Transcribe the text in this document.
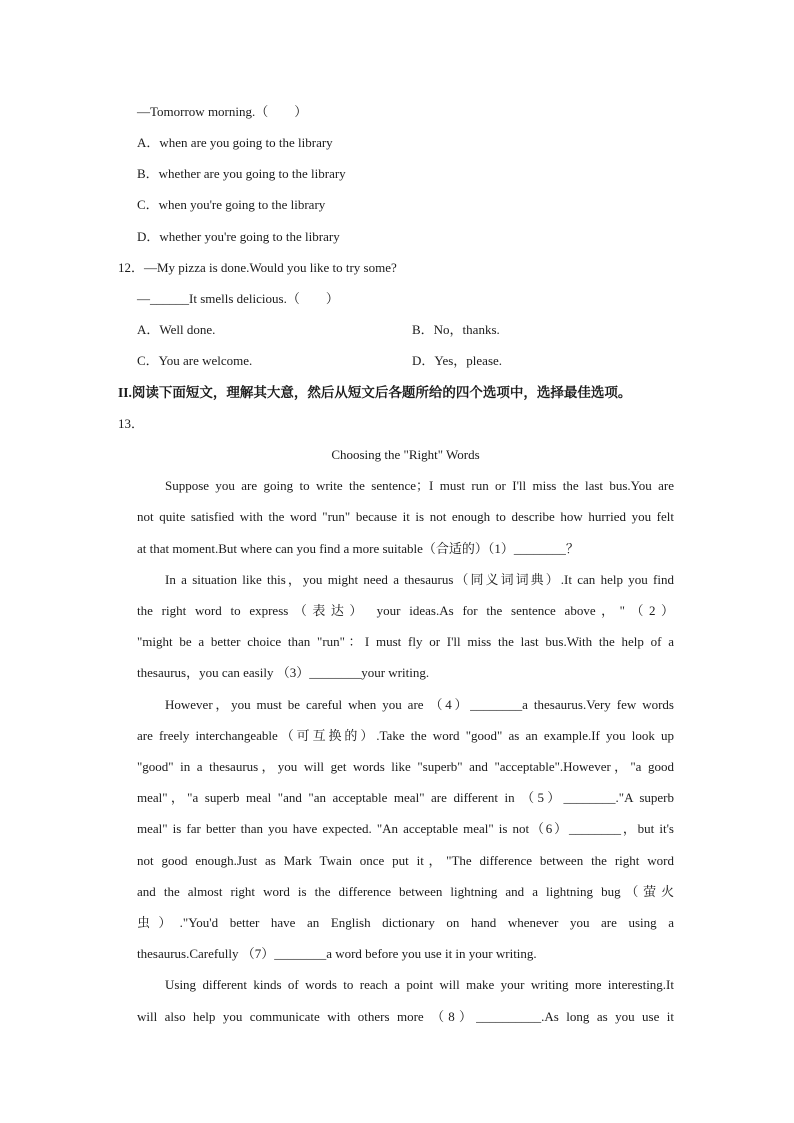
—Tomorrow morning.（　　）
A．when are you going to the library
B．whether are you going to the library
C．when you're going to the library
D．whether you're going to the library
12．—My pizza is done.Would you like to try some?
—______It smells delicious.（　　）
A．Well done.	B．No，thanks.
C．You are welcome.	D．Yes，please.
II.阅读下面短文，理解其大意，然后从短文后各题所给的四个选项中，选择最佳选项。
13．
Choosing the "Right" Words
Suppose you are going to write the sentence；I must run or I'll miss the last bus.You are
not quite satisfied with the word "run" because it is not enough to describe how hurried you felt
at that moment.But where can you find a more suitable（合适的）（1）________？
In a situation like this，you might need a thesaurus（同义词词典）.It can help you find
the right word to express（表达） your ideas.As for the sentence above，"（2）
"might be a better choice than "run"：I must fly or I'll miss the last bus.With the help of a
thesaurus，you can easily （3）________your writing.
However，you must be careful when you are （4）________a thesaurus.Very few words
are freely interchangeable（可互换的）.Take the word "good" as an example.If you look up
"good" in a thesaurus，you will get words like "superb" and "acceptable".However，"a good
meal"，"a superb meal "and "an acceptable meal" are different in （5）________."A superb
meal" is far better than you have expected. "An acceptable meal" is not（6）________，but it's
not good enough.Just as Mark Twain once put it，"The difference between the right word
and the almost right word is the difference between lightning and a lightning bug（萤火
虫）."You'd better have an English dictionary on hand whenever you are using a
thesaurus.Carefully （7）________a word before you use it in your writing.
Using different kinds of words to reach a point will make your writing more interesting.It
will also help you communicate with others more （8）__________.As long as you use it
